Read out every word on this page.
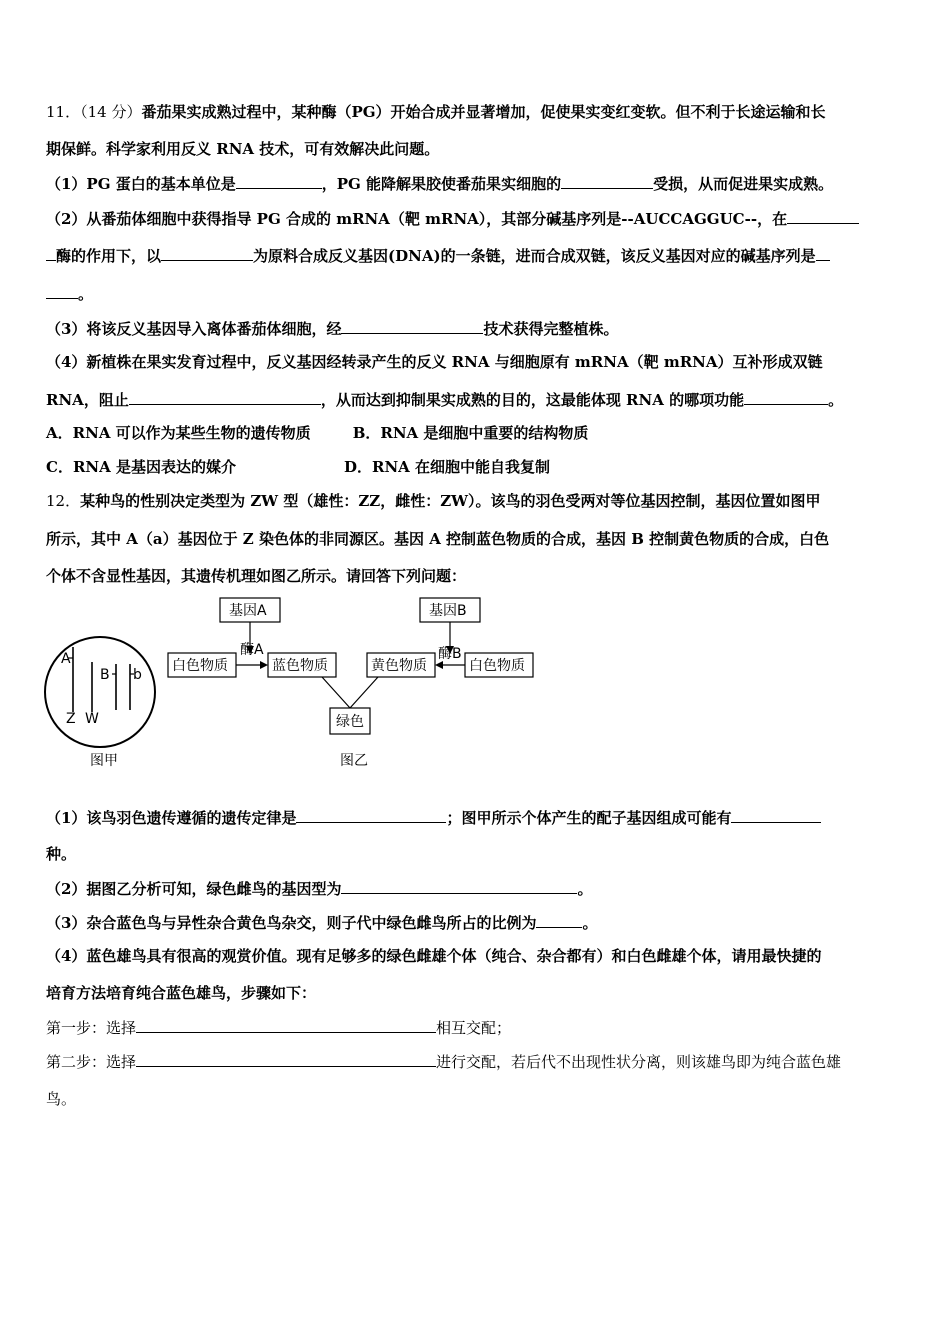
11．（14 分）番茄果实成熟过程中，某种酶（PG）开始合成并显著增加，促使果实变红变软。但不利于长途运输和长
期保鲜。科学家利用反义 RNA 技术，可有效解决此问题。
（1）PG 蛋白的基本单位是	，PG 能降解果胶使番茄果实细胞的	受损，从而促进果实成熟。
（2）从番茄体细胞中获得指导 PG 合成的 mRNA（靶 mRNA），其部分碱基序列是--AUCCAGGUC--，在
酶的作用下，以	为原料合成反义基因(DNA)的一条链，进而合成双链，该反义基因对应的碱基序列是
。
（3）将该反义基因导入离体番茄体细胞，经	技术获得完整植株。
（4）新植株在果实发育过程中，反义基因经转录产生的反义 RNA 与细胞原有 mRNA（靶 mRNA）互补形成双链
RNA，阻止	，从而达到抑制果实成熟的目的，这最能体现 RNA 的哪项功能	。
A．RNA 可以作为某些生物的遗传物质	B．RNA 是细胞中重要的结构物质
C．RNA 是基因表达的媒介	D．RNA 在细胞中能自我复制
12．某种鸟的性别决定类型为 ZW 型（雄性：ZZ，雌性：ZW）。该鸟的羽色受两对等位基因控制，基因位置如图甲
所示，其中 A（a）基因位于 Z 染色体的非同源区。基因 A 控制蓝色物质的合成，基因 B 控制黄色物质的合成，白色
个体不含显性基因，其遗传机理如图乙所示。请回答下列问题：
A
B b
Z W
图甲
基因A	基因B
白色物质	蓝色物质	黄色物质	白色物质
酶A	酶B
绿色
图乙
（1）该鸟羽色遗传遵循的遗传定律是	；图甲所示个体产生的配子基因组成可能有
种。
（2）据图乙分析可知，绿色雌鸟的基因型为	。
（3）杂合蓝色鸟与异性杂合黄色鸟杂交，则子代中绿色雌鸟所占的比例为	。
（4）蓝色雄鸟具有很高的观赏价值。现有足够多的绿色雌雄个体（纯合、杂合都有）和白色雌雄个体，请用最快捷的
培育方法培育纯合蓝色雄鸟，步骤如下：
第一步：选择	相互交配；
第二步：选择	进行交配，若后代不出现性状分离，则该雄鸟即为纯合蓝色雄
鸟。
